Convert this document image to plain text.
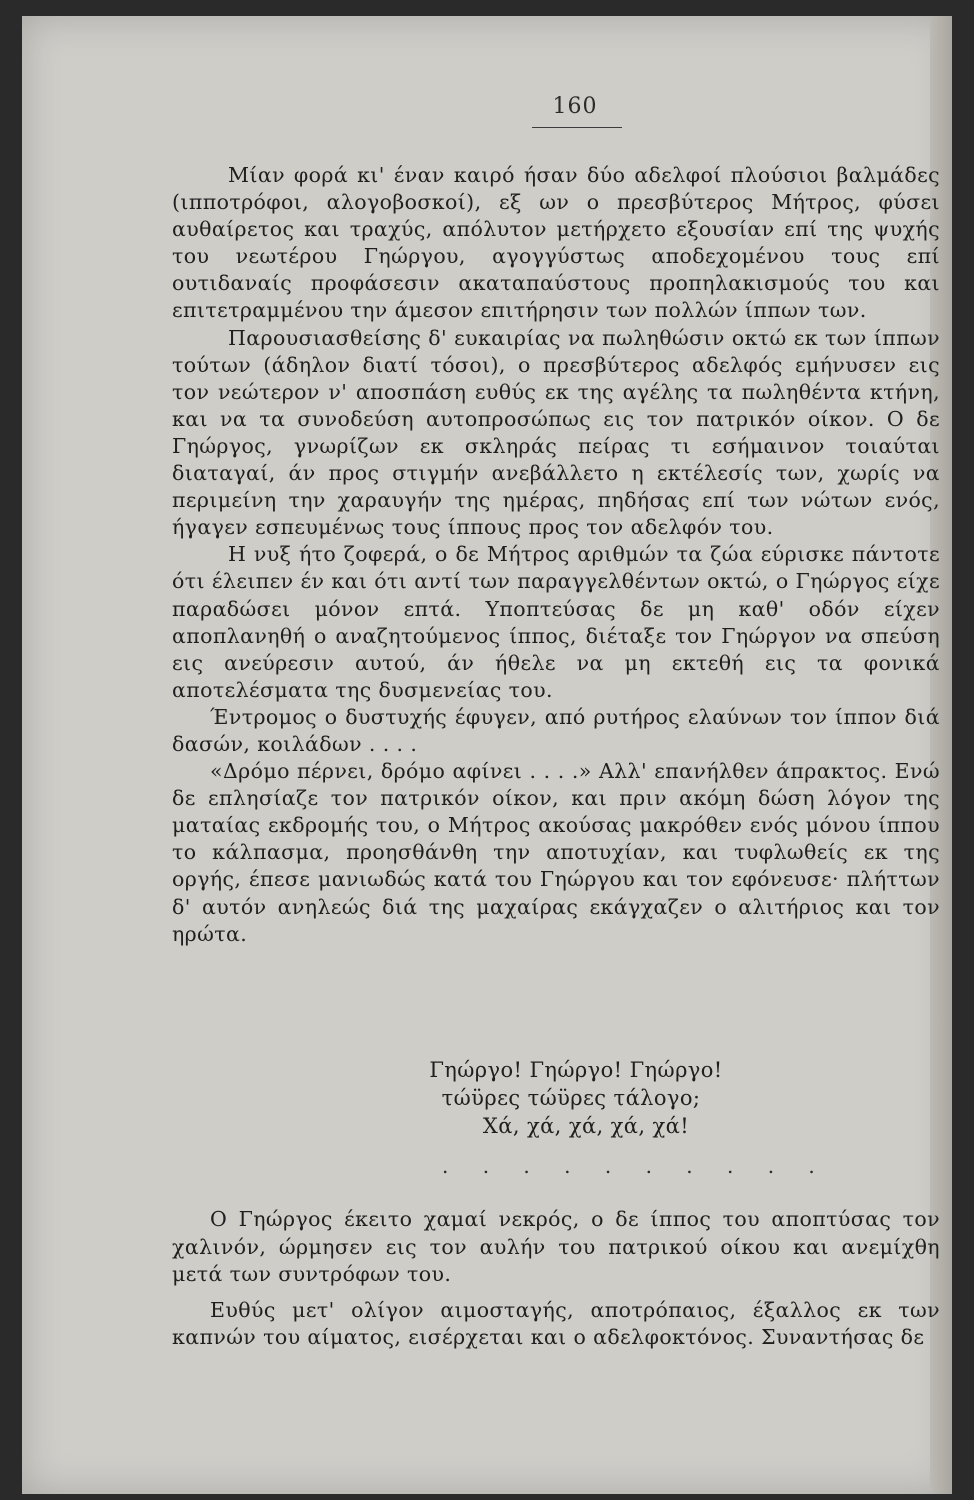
160

Μίαν φορά κι' έναν καιρό ήσαν δύο αδελφοί πλούσιοι βαλμάδες (ιπποτρόφοι, αλογοβοσκοί), εξ ων ο πρεσβύτερος Μήτρος, φύσει αυθαίρετος και τραχύς, απόλυτον μετήρχετο εξουσίαν επί της ψυχής του νεωτέρου Γηώργου, αγογγύστως αποδεχομένου τους επί ουτιδαναίς προφάσεσιν ακαταπαύστους προπηλακισμούς του και επιτετραμμένου την άμεσον επιτήρησιν των πολλών ίππων των.

Παρουσιασθείσης δ' ευκαιρίας να πωληθώσιν οκτώ εκ των ίππων τούτων (άδηλον διατί τόσοι), ο πρεσβύτερος αδελφός εμήνυσεν εις τον νεώτερον ν' αποσπάση ευθύς εκ της αγέλης τα πωληθέντα κτήνη, και να τα συνοδεύση αυτοπροσώπως εις τον πατρικόν οίκον. Ο δε Γηώργος, γνωρίζων εκ σκληράς πείρας τι εσήμαινον τοιαύται διαταγαί, άν προς στιγμήν ανεβάλλετο η εκτέλεσίς των, χωρίς να περιμείνη την χαραυγήν της ημέρας, πηδήσας επί των νώτων ενός, ήγαγεν εσπευμένως τους ίππους προς τον αδελφόν του.

Η νυξ ήτο ζοφερά, ο δε Μήτρος αριθμών τα ζώα εύρισκε πάντοτε ότι έλειπεν έν και ότι αντί των παραγγελθέντων οκτώ, ο Γηώργος είχε παραδώσει μόνον επτά. Υποπτεύσας δε μη καθ' οδόν είχεν αποπλανηθή ο αναζητούμενος ίππος, διέταξε τον Γηώργον να σπεύση εις ανεύρεσιν αυτού, άν ήθελε να μη εκτεθή εις τα φονικά αποτελέσματα της δυσμενείας του.

Έντρομος ο δυστυχής έφυγεν, από ρυτήρος ελαύνων τον ίππον διά δασών, κοιλάδων . . . .

«Δρόμο πέρνει, δρόμο αφίνει . . . .» Αλλ' επανήλθεν άπρακτος. Ενώ δε επλησίαζε τον πατρικόν οίκον, και πριν ακόμη δώση λόγον της ματαίας εκδρομής του, ο Μήτρος ακούσας μακρόθεν ενός μόνου ίππου το κάλπασμα, προησθάνθη την αποτυχίαν, και τυφλωθείς εκ της οργής, έπεσε μανιωδώς κατά του Γηώργου και τον εφόνευσε· πλήττων δ' αυτόν ανηλεώς διά της μαχαίρας εκάγχαζεν ο αλιτήριος και τον ηρώτα.

Γηώργο! Γηώργο! Γηώργο!
τώϋρες τώϋρες τάλογο;
Χά, χά, χά, χά, χά!
. . . . . . . . . .

Ο Γηώργος έκειτο χαμαί νεκρός, ο δε ίππος του αποπτύσας τον χαλινόν, ώρμησεν εις τον αυλήν του πατρικού οίκου και ανεμίχθη μετά των συντρόφων του.

Ευθύς μετ' ολίγον αιμοσταγής, αποτρόπαιος, έξαλλος εκ των καπνών του αίματος, εισέρχεται και ο αδελφοκτόνος. Συναντήσας δε
